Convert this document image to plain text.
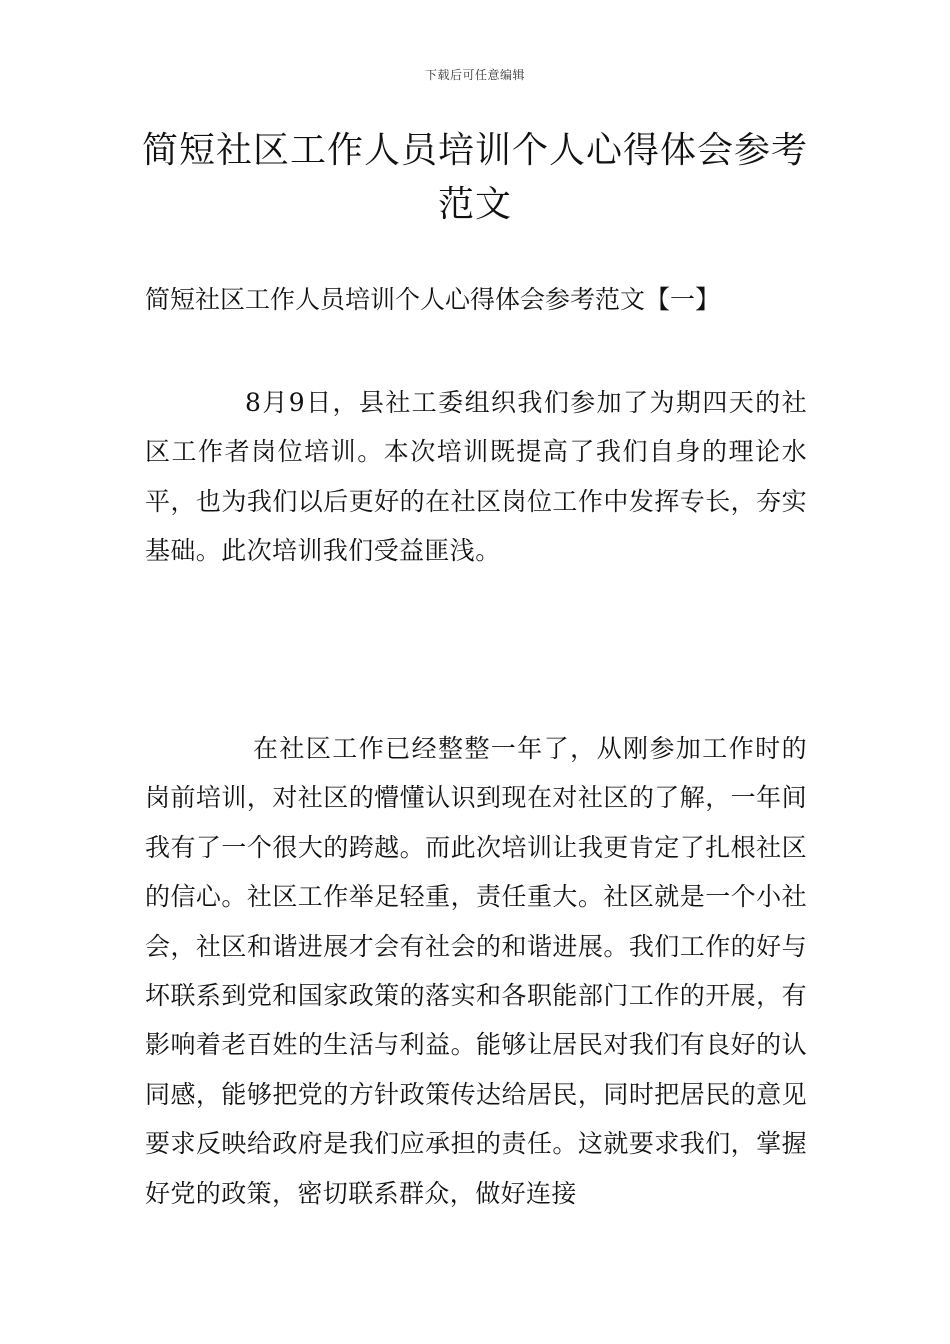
下载后可任意编辑
简短社区工作人员培训个人心得体会参考范文
简短社区工作人员培训个人心得体会参考范文【一】

8月9日，县社工委组织我们参加了为期四天的社区工作者岗位培训。本次培训既提高了我们自身的理论水平，也为我们以后更好的在社区岗位工作中发挥专长，夯实基础。此次培训我们受益匪浅。

在社区工作已经整整一年了，从刚参加工作时的岗前培训，对社区的懵懂认识到现在对社区的了解，一年间我有了一个很大的跨越。而此次培训让我更肯定了扎根社区的信心。社区工作举足轻重，责任重大。社区就是一个小社会，社区和谐进展才会有社会的和谐进展。我们工作的好与坏联系到党和国家政策的落实和各职能部门工作的开展，有影响着老百姓的生活与利益。能够让居民对我们有良好的认同感，能够把党的方针政策传达给居民，同时把居民的意见要求反映给政府是我们应承担的责任。这就要求我们，掌握好党的政策，密切联系群众，做好连接
